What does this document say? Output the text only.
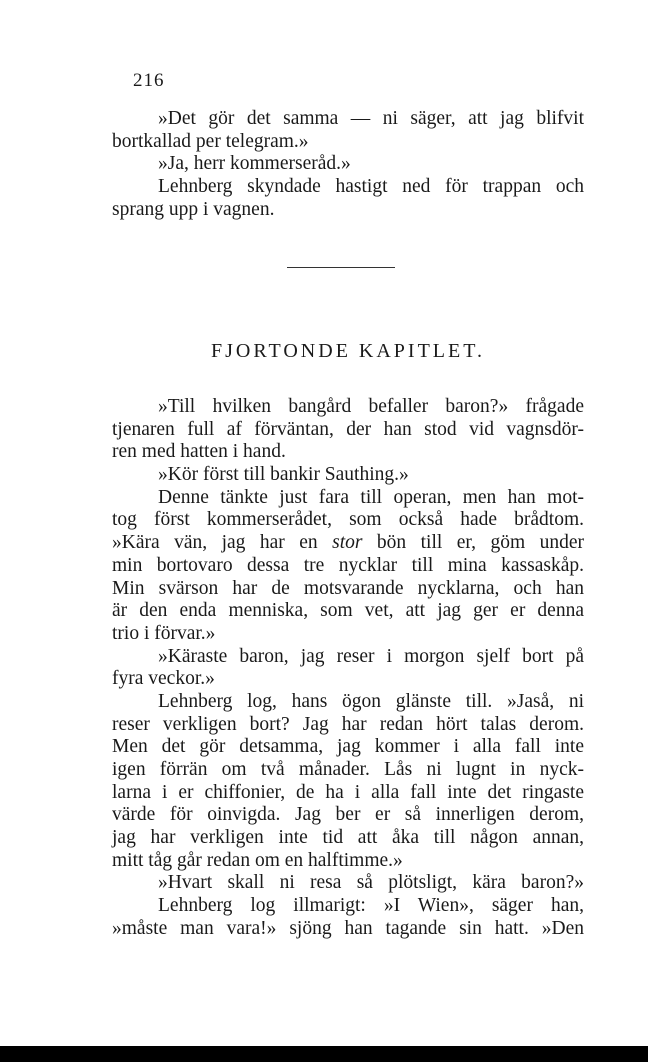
216
»Det gör det samma — ni säger, att jag blifvit
bortkallad per telegram.»
»Ja, herr kommerseråd.»
Lehnberg skyndade hastigt ned för trappan och
sprang upp i vagnen.
FJORTONDE KAPITLET.
»Till hvilken bangård befaller baron?» frågade
tjenaren full af förväntan, der han stod vid vagnsdör-
ren med hatten i hand.
»Kör först till bankir Sauthing.»
Denne tänkte just fara till operan, men han mot-
tog först kommerserådet, som också hade brådtom.
»Kära vän, jag har en stor bön till er, göm under
min bortovaro dessa tre nycklar till mina kassaskåp.
Min svärson har de motsvarande nycklarna, och han
är den enda menniska, som vet, att jag ger er denna
trio i förvar.»
»Käraste baron, jag reser i morgon sjelf bort på
fyra veckor.»
Lehnberg log, hans ögon glänste till. »Jaså, ni
reser verkligen bort? Jag har redan hört talas derom.
Men det gör detsamma, jag kommer i alla fall inte
igen förrän om två månader. Lås ni lugnt in nyck-
larna i er chiffonier, de ha i alla fall inte det ringaste
värde för oinvigda. Jag ber er så innerligen derom,
jag har verkligen inte tid att åka till någon annan,
mitt tåg går redan om en halftimme.»
»Hvart skall ni resa så plötsligt, kära baron?»
Lehnberg log illmarigt: »I Wien», säger han,
»måste man vara!» sjöng han tagande sin hatt. »Den
